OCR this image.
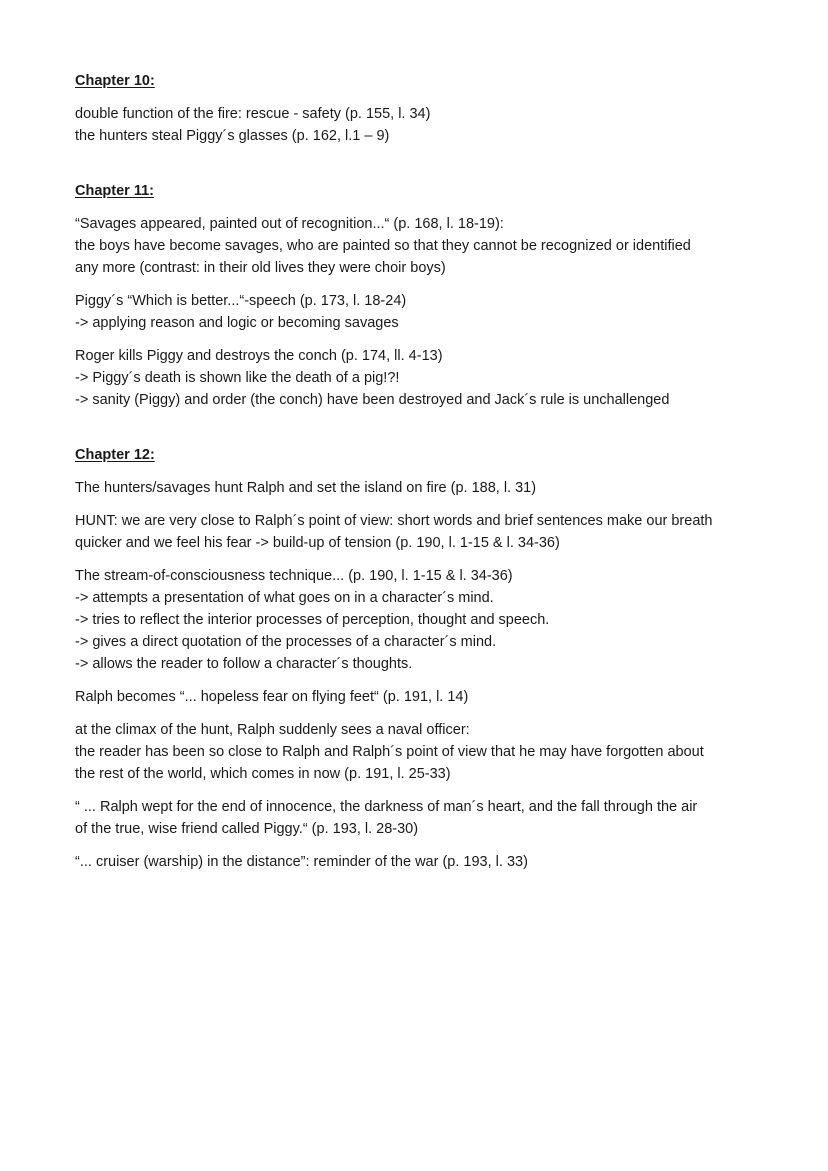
Chapter 10:

double function of the fire: rescue - safety (p. 155, l. 34)
the hunters steal Piggy´s glasses (p. 162, l.1 – 9)

Chapter 11:

“Savages appeared, painted out of recognition...“ (p. 168, l. 18-19):
the boys have become savages, who are painted so that they cannot be recognized or identified
any more (contrast: in their old lives they were choir boys)

Piggy´s “Which is better...“-speech (p. 173, l. 18-24)
-> applying reason and logic or becoming savages

Roger kills Piggy and destroys the conch (p. 174, ll. 4-13)
-> Piggy´s death is shown like the death of a pig!?!
-> sanity (Piggy) and order (the conch) have been destroyed and Jack´s rule is unchallenged

Chapter 12:

The hunters/savages hunt Ralph and set the island on fire (p. 188, l. 31)

HUNT: we are very close to Ralph´s point of view: short words and brief sentences make our breath
quicker and we feel his fear -> build-up of tension (p. 190, l. 1-15 & l. 34-36)

The stream-of-consciousness technique... (p. 190, l. 1-15 & l. 34-36)
-> attempts a presentation of what goes on in a character´s mind.
-> tries to reflect the interior processes of perception, thought and speech.
-> gives a direct quotation of the processes of a character´s mind.
-> allows the reader to follow a character´s thoughts.

Ralph becomes “... hopeless fear on flying feet“ (p. 191, l. 14)

at the climax of the hunt, Ralph suddenly sees a naval officer:
the reader has been so close to Ralph and Ralph´s point of view that he may have forgotten about
the rest of the world, which comes in now (p. 191, l. 25-33)

“ ... Ralph wept for the end of innocence, the darkness of man´s heart, and the fall through the air
of the true, wise friend called Piggy.“ (p. 193, l. 28-30)

“... cruiser (warship) in the distance”: reminder of the war (p. 193, l. 33)
